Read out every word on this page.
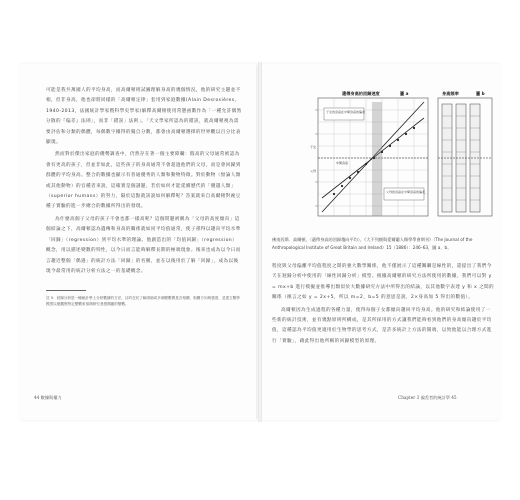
可能是我共萬國人的平均身高，而高爾頓則試圖理解身高的幾個情況，他的研究主題並不相，但非身高，他也卻將同樣的「高爾頓定律」套用到家庭數據(Alain Desrosières，1940-2013，法國統計學家暨科學史學家)解釋高爾頓使用常態函數作為「一種允許偶然分散的『偏差』法則」，而非「錯誤」法則」。「天文學家所認為的錯誤，就高爾頓視為需要評估和分類的偶體，每偶數字據得的獨自分數，都會由高爾頓選擇的世界觀以百分比表顯現。

然而對於傑出家庭的優勢調查中，仍然存在著一個主要障礙：假高的父母通常被認為會有更高的孩子，但並非如此，這些孩子的身高通常不會超過他們的父母，而是會回歸到群體的平均身高。整合的數據也顯示有普通優秀的人類和動物特徵。對於動物（無論人類或其他動物）的官種者來說，這確實是個謎題，若於如何才能延續歷代的「優越人類」（superior humans）的努力，隔於這點就該說如何解釋呢？答案就來自高爾頓對豌豆種子實驗的進一步總合的數據所得出的發現。

為什麼高個子父母的孩子不會也都一樣高呢？這個問題被稱為「父母的高度傾向」這個結論之下，高爾頓認為遺傳和身高的關係就如同平均值通常，使子孫得以趨向平均水準「回歸」（regression）到平均水準的理論。他創造出的「均值回歸」（regression）概念，用以描述變數的特性，以今日而言能夠解釋長期的極端現象。後來也成為以今日而言趨近整個「偶遇」的統計方法「回歸」的名稱，並在以後用於了解「回歸」，成為以後現今最常用的統計分析方法之一的基礎概念。

註 5：回歸分析是一種統計學上分析數據的方法，目的在於了解兩個或多個變數間是否相關、相關方向與強度，並建立數學模型以便觀察特定變數來預測研究者感興趣的變數。
44 數據與權力
遺傳身高的回歸速度	圖 a
子女的身高在中間身高的偏差
父母的身高在中間身高的偏差
子女
父母
中間身高
身高頻率	圖 b
佛南西斯．高爾頓，〈遺傳身高的回歸趨向平均〉，《大不列顛與愛爾蘭人類學學會期刊》（The Journal of the Anthropological Institute of Great Britain and Ireland）15（1886）：246–63，圖 a、b。

程度與父母偏離平均值程度之間的強大數學關係，他不僅展示了這種關聯是線性的，還提出了我們今天在迴歸分析中使用的「線性回歸分析」模型。根據高爾頓的研究方法所使用的數據，我們可以對 y = mx+b 進行模擬並推導出類似於大數據研究方法中所得出的結論，以其他數字表達 y 和 x 之間的關係（換言之如 y = 2x+5，所以 m=2，b=5 的意思是說，2×身高加 5 得出的數值）。

高爾頓因為生成過程的各種力量，使得每個子女都傾向趨回平均身高。他的研究和結論使用了一些新的統計技術，並有幾點原則所構成，是其所採用的方式讓我們能夠看到他們的身高傾向趨於平均值，這種認為平均值更適用於生物學的思考方式，是許多統計上方法的開端，以致他能以合理方式進行「實驗」，藉此得出他所稱的回歸模型的原理。

Chapter 3 偏差者的統計學 45
